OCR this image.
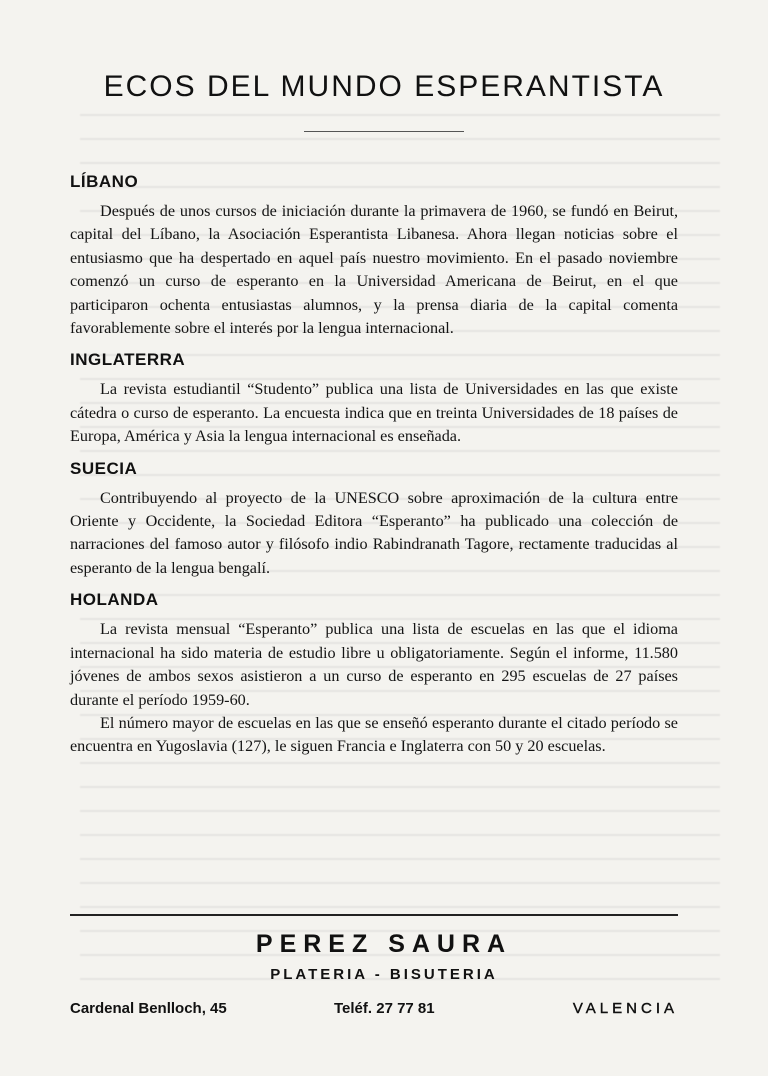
ECOS DEL MUNDO ESPERANTISTA
LÍBANO

Después de unos cursos de iniciación durante la primavera de 1960, se fundó en Beirut, capital del Líbano, la Asociación Esperantista Libanesa. Ahora llegan noticias sobre el entusiasmo que ha despertado en aquel país nuestro movimiento. En el pasado noviembre comenzó un curso de esperanto en la Universidad Americana de Beirut, en el que participaron ochenta entusiastas alumnos, y la prensa diaria de la capital comenta favorablemente sobre el interés por la lengua internacional.

INGLATERRA

La revista estudiantil “Studento” publica una lista de Universidades en las que existe cátedra o curso de esperanto. La encuesta indica que en treinta Universidades de 18 países de Europa, América y Asia la lengua internacional es enseñada.

SUECIA

Contribuyendo al proyecto de la UNESCO sobre aproximación de la cultura entre Oriente y Occidente, la Sociedad Editora “Esperanto” ha publicado una colección de narraciones del famoso autor y filósofo indio Rabindranath Tagore, rectamente traducidas al esperanto de la lengua bengalí.

HOLANDA

La revista mensual “Esperanto” publica una lista de escuelas en las que el idioma internacional ha sido materia de estudio libre u obligatoriamente. Según el informe, 11.580 jóvenes de ambos sexos asistieron a un curso de esperanto en 295 escuelas de 27 países durante el período 1959-60.

El número mayor de escuelas en las que se enseñó esperanto durante el citado período se encuentra en Yugoslavia (127), le siguen Francia e Inglaterra con 50 y 20 escuelas.

PEREZ SAURA
PLATERIA - BISUTERIA
Cardenal Benlloch, 45	Teléf. 27 77 81	VALENCIA
